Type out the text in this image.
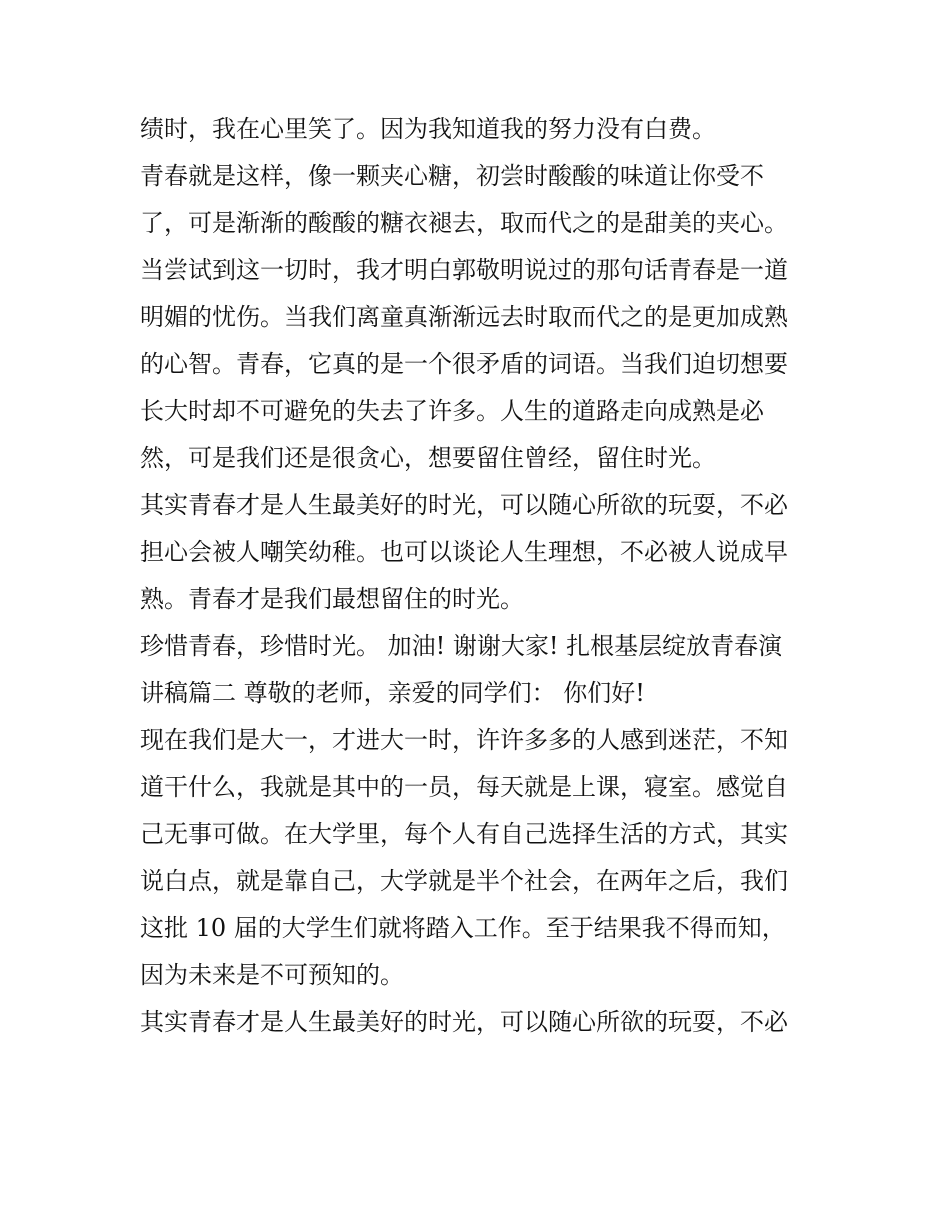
绩时，我在心里笑了。因为我知道我的努力没有白费。
青春就是这样，像一颗夹心糖，初尝时酸酸的味道让你受不
了，可是渐渐的酸酸的糖衣褪去，取而代之的是甜美的夹心。
当尝试到这一切时，我才明白郭敬明说过的那句话青春是一道
明媚的忧伤。当我们离童真渐渐远去时取而代之的是更加成熟
的心智。青春，它真的是一个很矛盾的词语。当我们迫切想要
长大时却不可避免的失去了许多。人生的道路走向成熟是必
然，可是我们还是很贪心，想要留住曾经，留住时光。
其实青春才是人生最美好的时光，可以随心所欲的玩耍，不必
担心会被人嘲笑幼稚。也可以谈论人生理想，不必被人说成早
熟。青春才是我们最想留住的时光。
珍惜青春，珍惜时光。 加油! 谢谢大家! 扎根基层绽放青春演
讲稿篇二 尊敬的老师，亲爱的同学们： 你们好!
现在我们是大一，才进大一时，许许多多的人感到迷茫，不知
道干什么，我就是其中的一员，每天就是上课，寝室。感觉自
己无事可做。在大学里，每个人有自己选择生活的方式，其实
说白点，就是靠自己，大学就是半个社会，在两年之后，我们
这批 10 届的大学生们就将踏入工作。至于结果我不得而知，
因为未来是不可预知的。
其实青春才是人生最美好的时光，可以随心所欲的玩耍，不必
